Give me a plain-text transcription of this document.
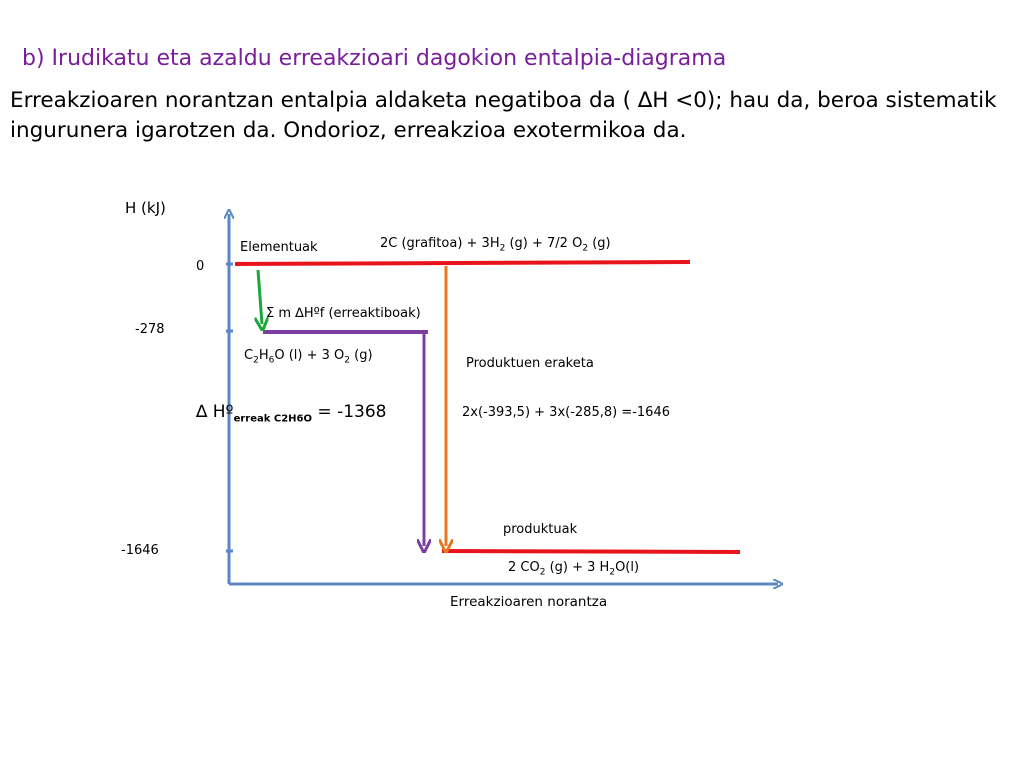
b) Irudikatu eta azaldu erreakzioari dagokion entalpia-diagrama
Erreakzioaren norantzan entalpia aldaketa negatiboa da ( ∆H <0); hau da, beroa sistematik ingurunera igarotzen da. Ondorioz, erreakzioa exotermikoa da.
H (kJ)
Erreakzioaren norantza
0
-278
-1646
Elementuak
Σ m ∆Hºf (erreaktiboak)
produktuak
2C (grafitoa) + $3H_2$ (g) + 7/2 $O_2$ (g)
$C_2H_6O$ (l) + 3 $O_2$ (g)
2 $CO_2$ (g) + 3 $H_2O(l)$
Produktuen eraketa
2x(-393,5) + 3x(-285,8) =-1646
∆ Hº$_{erreak C2H6O}$ = -1368
